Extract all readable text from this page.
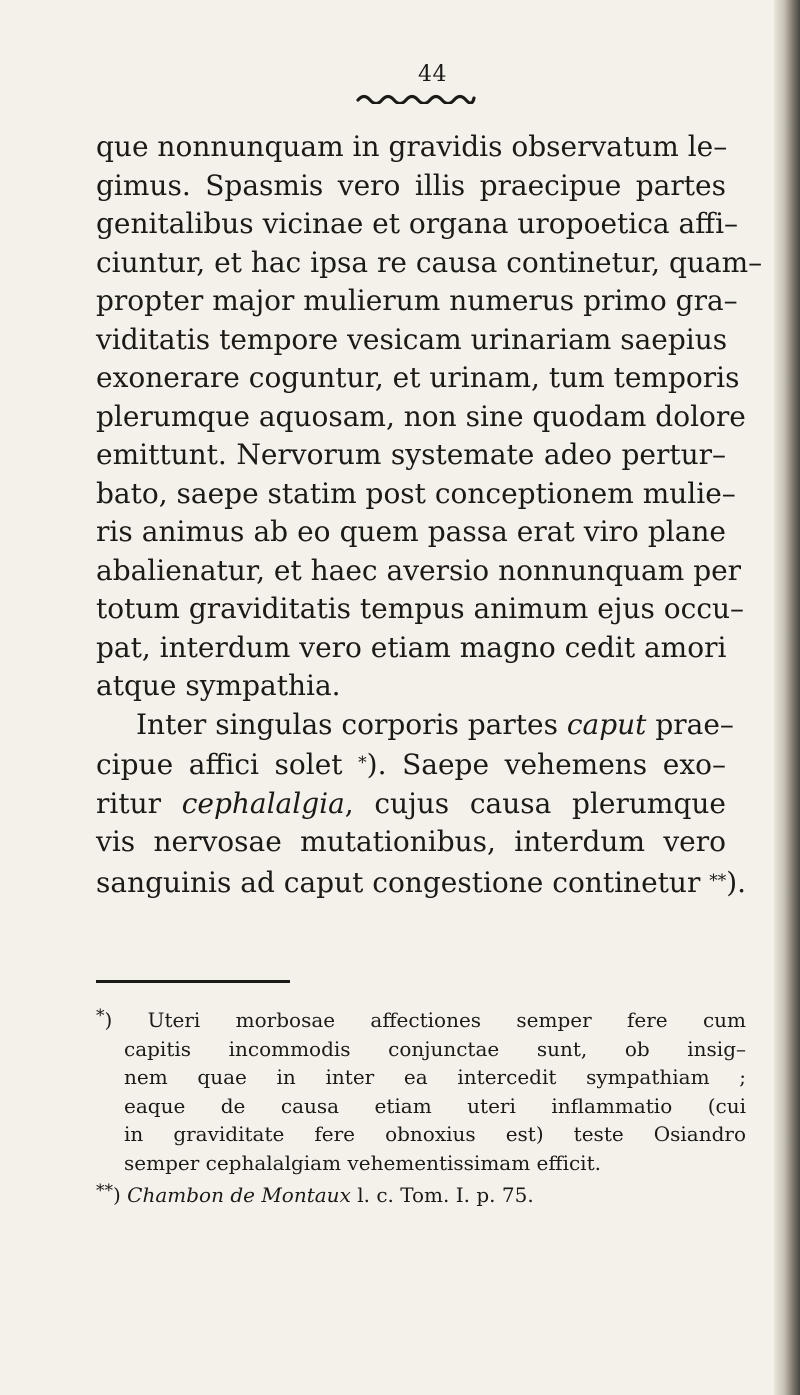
44
que nonnunquam in gravidis observatum le–
gimus. Spasmis vero illis praecipue partes
genitalibus vicinae et organa uropoetica affi–
ciuntur, et hac ipsa re causa continetur, quam–
propter major mulierum numerus primo gra–
viditatis tempore vesicam urinariam saepius
exonerare coguntur, et urinam, tum temporis
plerumque aquosam, non sine quodam dolore
emittunt. Nervorum systemate adeo pertur–
bato, saepe statim post conceptionem mulie–
ris animus ab eo quem passa erat viro plane
abalienatur, et haec aversio nonnunquam per
totum graviditatis tempus animum ejus occu–
pat, interdum vero etiam magno cedit amori
atque sympathia.
Inter singulas corporis partes caput prae–
cipue affici solet *). Saepe vehemens exo–
ritur cephalalgia, cujus causa plerumque
vis nervosae mutationibus, interdum vero
sanguinis ad caput congestione continetur **).
*) Uteri morbosae affectiones semper fere cum
capitis incommodis conjunctae sunt, ob insig–
nem quae in inter ea intercedit sympathiam ;
eaque de causa etiam uteri inflammatio (cui
in graviditate fere obnoxius est) teste Osiandro
semper cephalalgiam vehementissimam efficit.
**) Chambon de Montaux l. c. Tom. I. p. 75.
